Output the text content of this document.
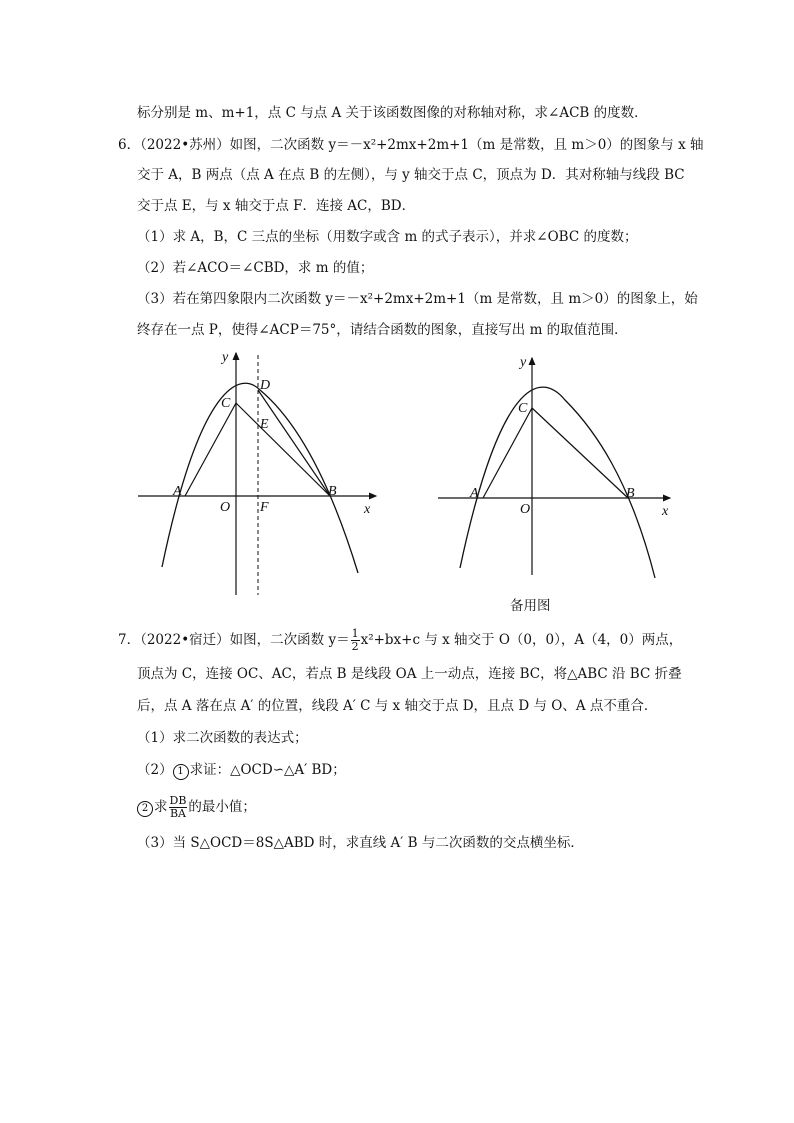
标分别是 m、m+1，点 C 与点 A 关于该函数图像的对称轴对称，求∠ACB 的度数．
6．（2022•苏州）如图，二次函数 y＝－x²+2mx+2m+1（m 是常数，且 m＞0）的图象与 x 轴
交于 A，B 两点（点 A 在点 B 的左侧），与 y 轴交于点 C，顶点为 D．其对称轴与线段 BC
交于点 E，与 x 轴交于点 F．连接 AC，BD．
（1）求 A，B，C 三点的坐标（用数字或含 m 的式子表示），并求∠OBC 的度数；
（2）若∠ACO＝∠CBD，求 m 的值；
（3）若在第四象限内二次函数 y＝－x²+2mx+2m+1（m 是常数，且 m＞0）的图象上，始
终存在一点 P，使得∠ACP＝75°，请结合函数的图象，直接写出 m 的取值范围．
y
x
D
C
E
A	B
O F
y
x
C
A	B
O
备用图
7．（2022•宿迁）如图，二次函数 $y= \frac{1}{2} x^2+bx+c$ 与 x 轴交于 O（0，0），A（4，0）两点，
顶点为 C，连接 OC、AC，若点 B 是线段 OA 上一动点，连接 BC，将△ABC 沿 BC 折叠
后，点 A 落在点 A′ 的位置，线段 A′ C 与 x 轴交于点 D，且点 D 与 O、A 点不重合．
（1）求二次函数的表达式；
（2） 1 求证：△OCD∽△A′ BD；
2 求 $\frac{DB}{BA}$ 的最小值；
（3）当 S△OCD＝8S△ABD 时，求直线 A′ B 与二次函数的交点横坐标．
